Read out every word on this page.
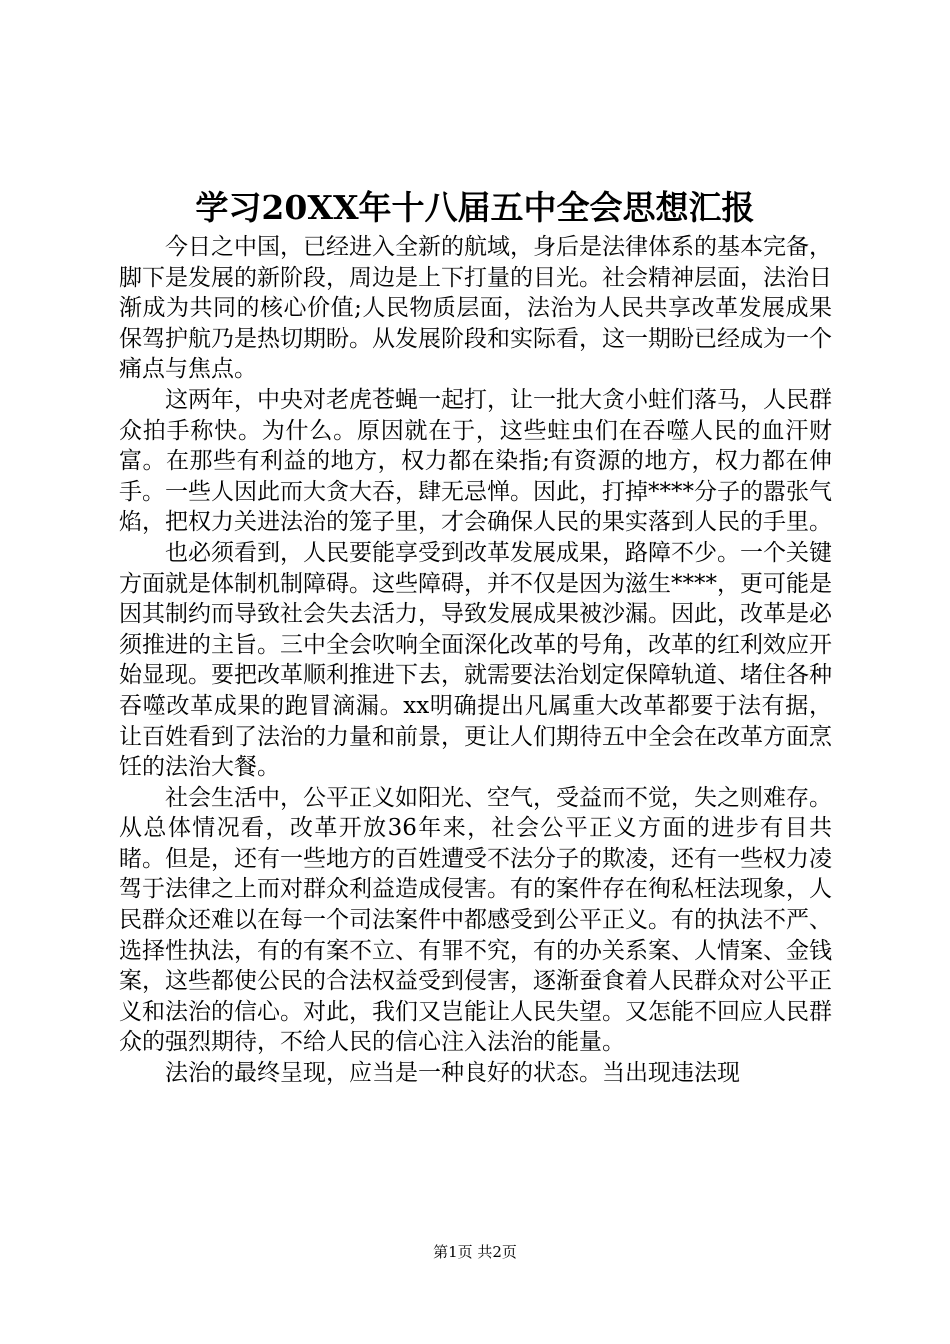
学习20XX年十八届五中全会思想汇报

今日之中国，已经进入全新的航域，身后是法律体系的基本完备，脚下是发展的新阶段，周边是上下打量的目光。社会精神层面，法治日渐成为共同的核心价值;人民物质层面，法治为人民共享改革发展成果保驾护航乃是热切期盼。从发展阶段和实际看，这一期盼已经成为一个痛点与焦点。

这两年，中央对老虎苍蝇一起打，让一批大贪小蛀们落马，人民群众拍手称快。为什么。原因就在于，这些蛀虫们在吞噬人民的血汗财富。在那些有利益的地方，权力都在染指;有资源的地方，权力都在伸手。一些人因此而大贪大吞，肆无忌惮。因此，打掉****分子的嚣张气焰，把权力关进法治的笼子里，才会确保人民的果实落到人民的手里。

也必须看到，人民要能享受到改革发展成果，路障不少。一个关键方面就是体制机制障碍。这些障碍，并不仅是因为滋生****，更可能是因其制约而导致社会失去活力，导致发展成果被沙漏。因此，改革是必须推进的主旨。三中全会吹响全面深化改革的号角，改革的红利效应开始显现。要把改革顺利推进下去，就需要法治划定保障轨道、堵住各种吞噬改革成果的跑冒滴漏。xx明确提出凡属重大改革都要于法有据，让百姓看到了法治的力量和前景，更让人们期待五中全会在改革方面烹饪的法治大餐。

社会生活中，公平正义如阳光、空气，受益而不觉，失之则难存。从总体情况看，改革开放36年来，社会公平正义方面的进步有目共睹。但是，还有一些地方的百姓遭受不法分子的欺凌，还有一些权力凌驾于法律之上而对群众利益造成侵害。有的案件存在徇私枉法现象，人民群众还难以在每一个司法案件中都感受到公平正义。有的执法不严、选择性执法，有的有案不立、有罪不究，有的办关系案、人情案、金钱案，这些都使公民的合法权益受到侵害，逐渐蚕食着人民群众对公平正义和法治的信心。对此，我们又岂能让人民失望。又怎能不回应人民群众的强烈期待，不给人民的信心注入法治的能量。

法治的最终呈现，应当是一种良好的状态。当出现违法现

第1页 共2页
